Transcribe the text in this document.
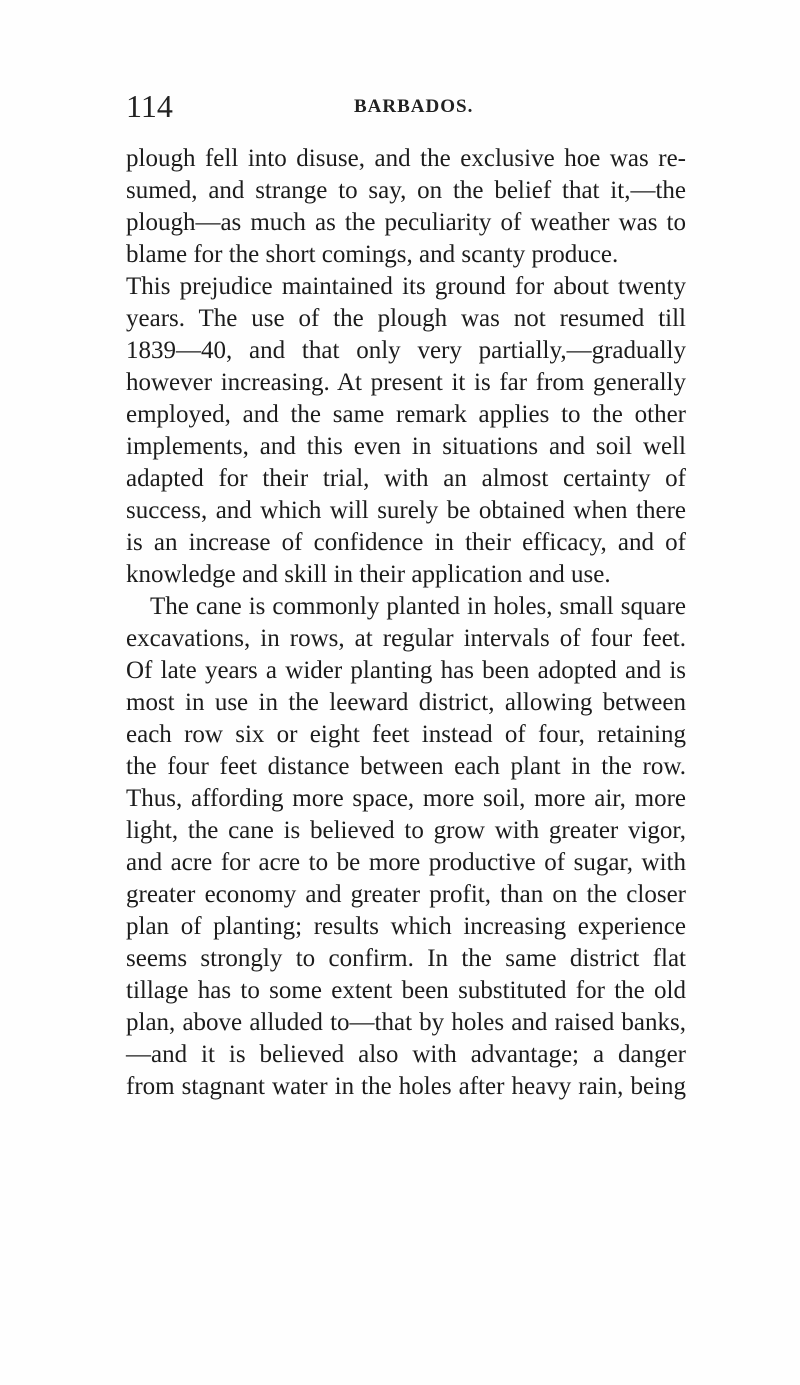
114	BARBADOS.
plough fell into disuse, and the exclusive hoe was re-
sumed, and strange to say, on the belief that it,—the
plough—as much as the peculiarity of weather was to
blame for the short comings, and scanty produce.
This prejudice maintained its ground for about twenty
years. The use of the plough was not resumed till
1839—40, and that only very partially,—gradually
however increasing. At present it is far from generally
employed, and the same remark applies to the other
implements, and this even in situations and soil well
adapted for their trial, with an almost certainty of
success, and which will surely be obtained when there
is an increase of confidence in their efficacy, and of
knowledge and skill in their application and use.
The cane is commonly planted in holes, small square
excavations, in rows, at regular intervals of four feet.
Of late years a wider planting has been adopted and is
most in use in the leeward district, allowing between
each row six or eight feet instead of four, retaining
the four feet distance between each plant in the row.
Thus, affording more space, more soil, more air, more
light, the cane is believed to grow with greater vigor,
and acre for acre to be more productive of sugar, with
greater economy and greater profit, than on the closer
plan of planting; results which increasing experience
seems strongly to confirm. In the same district flat
tillage has to some extent been substituted for the old
plan, above alluded to—that by holes and raised banks,
—and it is believed also with advantage; a danger
from stagnant water in the holes after heavy rain, being
